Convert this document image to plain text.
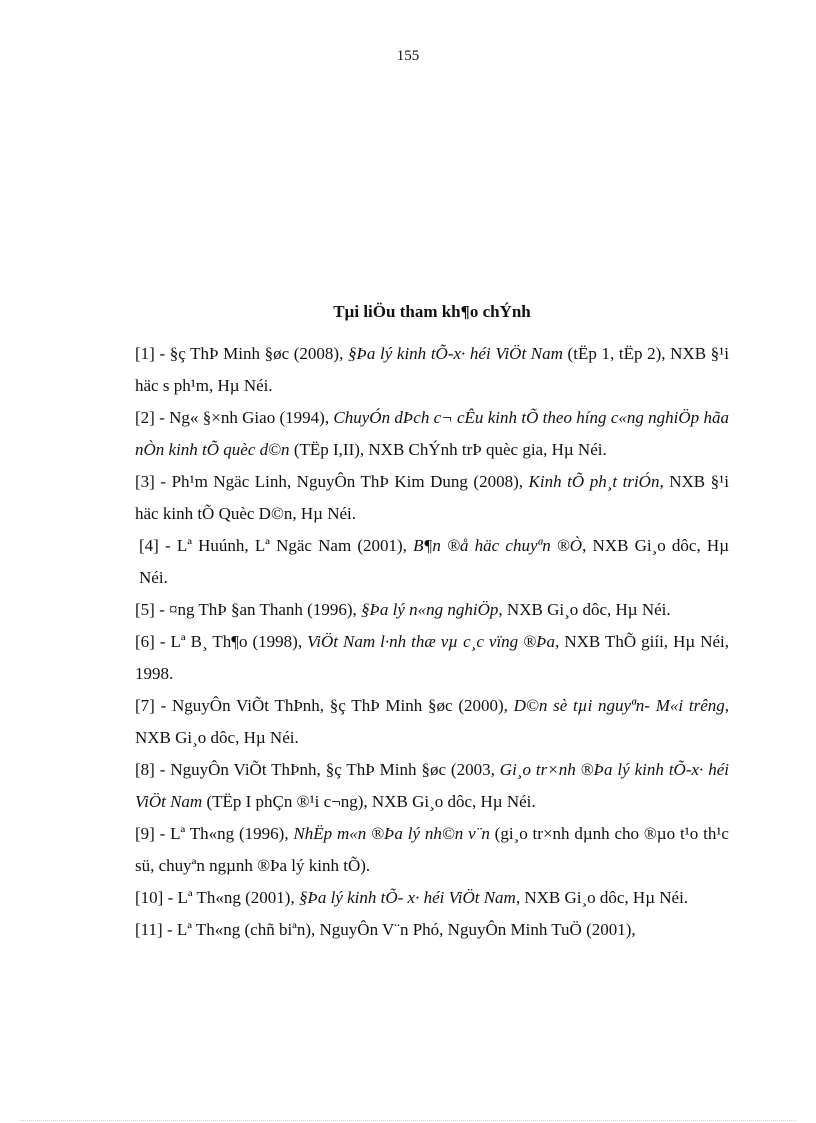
155
Tµi liÖu tham kh¶o chÝnh

[1] - §ç ThÞ Minh §øc (2008), §Þa lý kinh tÕ-x· héi ViÖt Nam (tËp 1, tËp 2), NXB §¹i häc s ph¹m, Hµ Néi.

[2] - Ng« §×nh Giao (1994), ChuyÓn dÞch c¬ cÊu kinh tÕ theo híng c«ng nghiÖp hãa nÒn kinh tÕ quèc d©n (TËp I,II), NXB ChÝnh trÞ quèc gia, Hµ Néi.

[3] - Ph¹m Ngäc Linh, NguyÔn ThÞ Kim Dung (2008), Kinh tÕ ph¸t triÓn, NXB §¹i häc kinh tÕ Quèc D©n, Hµ Néi.

[4] - Lª Huúnh, Lª Ngäc Nam (2001), B¶n ®å häc chuyªn ®Ò, NXB Gi¸o dôc, Hµ Néi.

[5] - ¤ng ThÞ §an Thanh (1996), §Þa lý n«ng nghiÖp, NXB Gi¸o dôc, Hµ Néi.

[6] - Lª B¸ Th¶o (1998), ViÖt Nam l·nh thæ vµ c¸c vïng ®Þa, NXB ThÕ giíi, Hµ Néi, 1998.

[7] - NguyÔn ViÕt ThÞnh, §ç ThÞ Minh §øc (2000), D©n sè tµi nguyªn- M«i trêng, NXB Gi¸o dôc, Hµ Néi.

[8] - NguyÔn ViÕt ThÞnh, §ç ThÞ Minh §øc (2003, Gi¸o tr×nh ®Þa lý kinh tÕ-x· héi ViÖt Nam (TËp I phÇn ®¹i c¬ng), NXB Gi¸o dôc, Hµ Néi.

[9] - Lª Th«ng (1996), NhËp m«n ®Þa lý nh©n v¨n (gi¸o tr×nh dµnh cho ®µo t¹o th¹c sü, chuyªn ngµnh ®Þa lý kinh tÕ).

[10] - Lª Th«ng (2001), §Þa lý kinh tÕ- x· héi ViÖt Nam, NXB Gi¸o dôc, Hµ Néi.

[11] - Lª Th«ng (chñ biªn), NguyÔn V¨n Phó, NguyÔn Minh TuÖ (2001),
